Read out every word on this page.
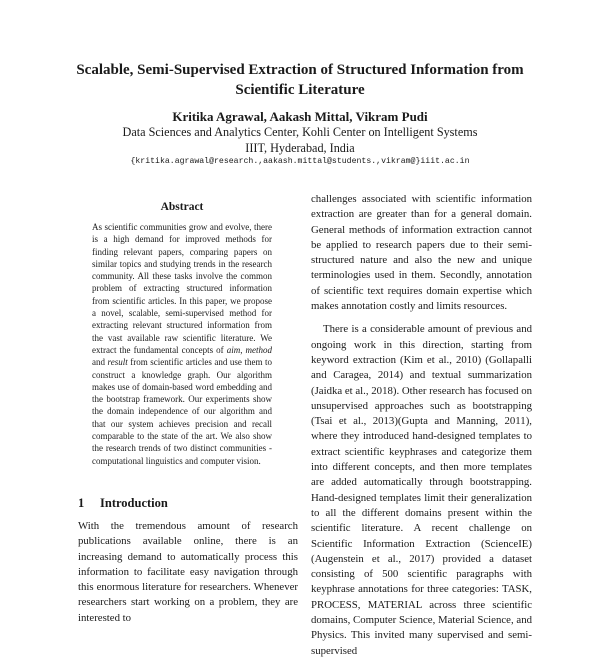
Scalable, Semi-Supervised Extraction of Structured Information from Scientific Literature
Kritika Agrawal, Aakash Mittal, Vikram Pudi
Data Sciences and Analytics Center, Kohli Center on Intelligent Systems
IIIT, Hyderabad, India
{kritika.agrawal@research.,aakash.mittal@students.,vikram@}iiit.ac.in
Abstract

As scientific communities grow and evolve, there is a high demand for improved methods for finding relevant papers, comparing papers on similar topics and studying trends in the research community. All these tasks involve the common problem of extracting structured information from scientific articles. In this paper, we propose a novel, scalable, semi-supervised method for extracting relevant structured information from the vast available raw scientific literature. We extract the fundamental concepts of aim, method and result from scientific articles and use them to construct a knowledge graph. Our algorithm makes use of domain-based word embedding and the bootstrap framework. Our experiments show the domain independence of our algorithm and that our system achieves precision and recall comparable to the state of the art. We also show the research trends of two distinct communities - computational linguistics and computer vision.

1 Introduction

With the tremendous amount of research publications available online, there is an increasing demand to automatically process this information to facilitate easy navigation through this enormous literature for researchers. Whenever researchers start working on a problem, they are interested to

challenges associated with scientific information extraction are greater than for a general domain. General methods of information extraction cannot be applied to research papers due to their semi-structured nature and also the new and unique terminologies used in them. Secondly, annotation of scientific text requires domain expertise which makes annotation costly and limits resources.

There is a considerable amount of previous and ongoing work in this direction, starting from keyword extraction (Kim et al., 2010) (Gollapalli and Caragea, 2014) and textual summarization (Jaidka et al., 2018). Other research has focused on unsupervised approaches such as bootstrapping (Tsai et al., 2013)(Gupta and Manning, 2011), where they introduced hand-designed templates to extract scientific keyphrases and categorize them into different concepts, and then more templates are added automatically through bootstrapping. Hand-designed templates limit their generalization to all the different domains present within the scientific literature. A recent challenge on Scientific Information Extraction (ScienceIE) (Augenstein et al., 2017) provided a dataset consisting of 500 scientific paragraphs with keyphrase annotations for three categories: TASK, PROCESS, MATERIAL across three scientific domains, Computer Science, Material Science, and Physics. This invited many supervised and semi-supervised
